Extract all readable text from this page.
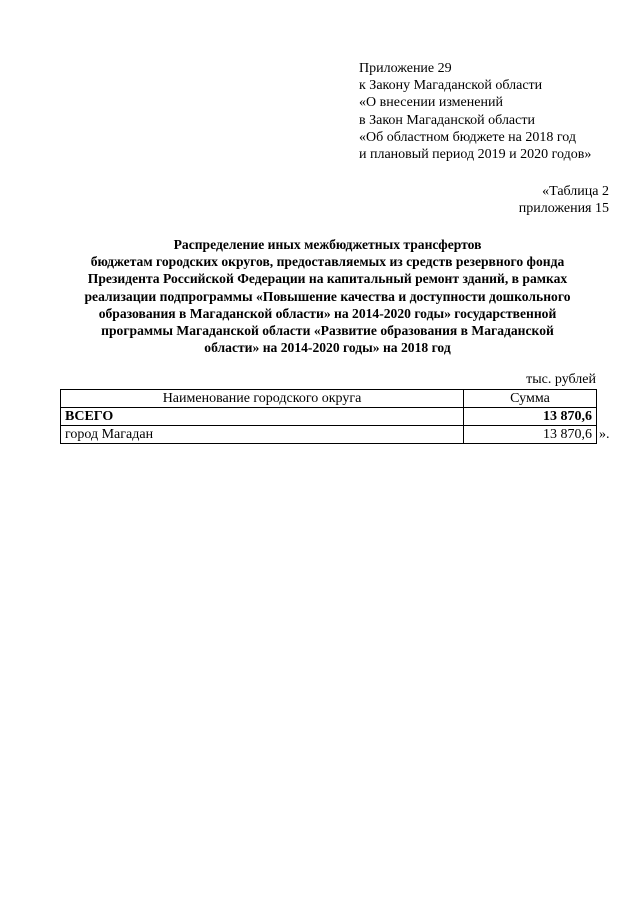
Приложение 29
к Закону Магаданской области
«О внесении изменений
в Закон Магаданской области
«Об областном бюджете на 2018 год
и плановый период 2019 и 2020 годов»
«Таблица 2
приложения 15
Распределение иных межбюджетных трансфертов
бюджетам городских округов, предоставляемых из средств резервного фонда
Президента Российской Федерации на капитальный ремонт зданий, в рамках
реализации подпрограммы «Повышение качества и доступности дошкольного
образования в Магаданской области» на 2014-2020 годы» государственной
программы Магаданской области «Развитие образования в Магаданской
области» на 2014-2020 годы» на 2018 год
тыс. рублей
Наименование городского округа	Сумма
ВСЕГО	13 870,6
город Магадан	13 870,6 ».
